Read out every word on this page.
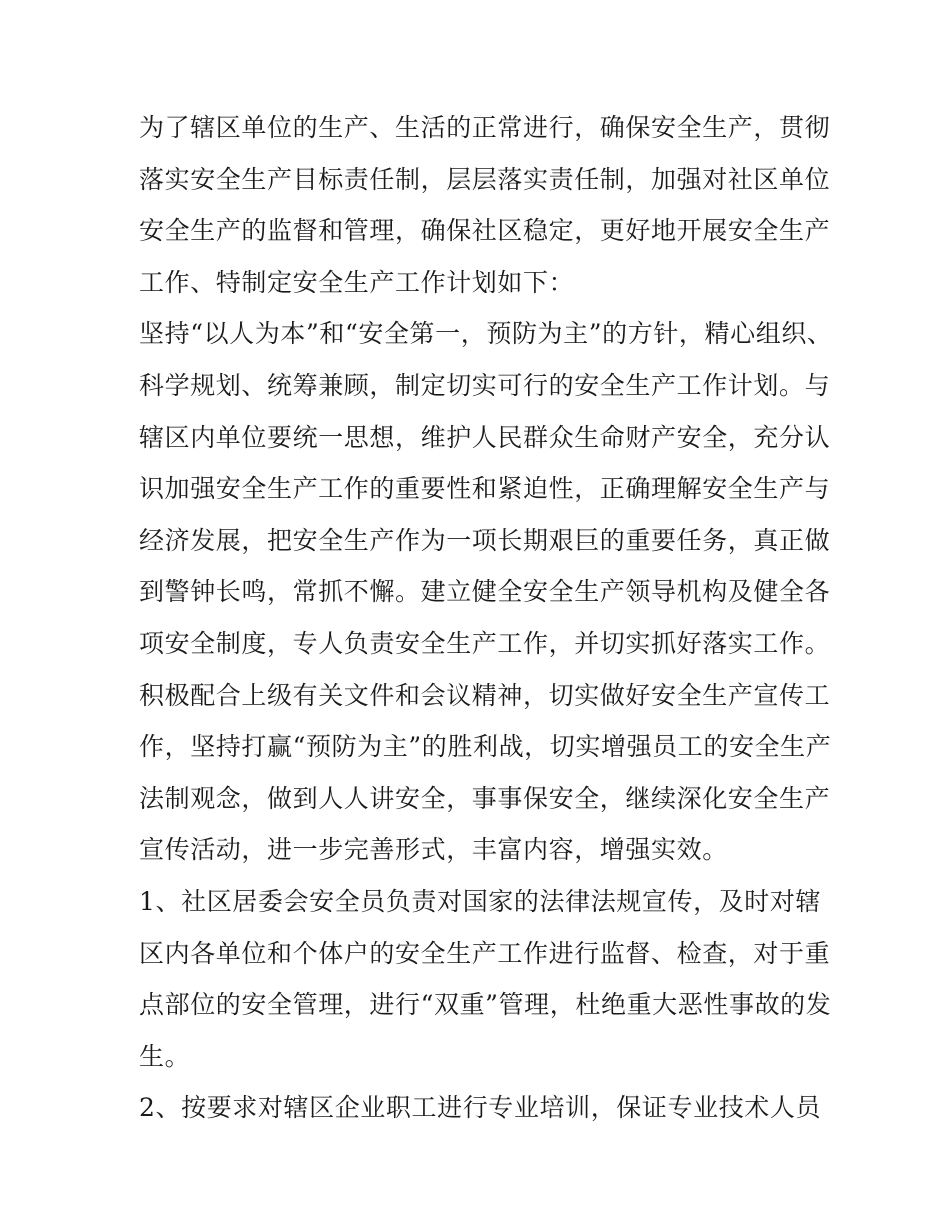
为了辖区单位的生产、生活的正常进行，确保安全生产，贯彻
落实安全生产目标责任制，层层落实责任制，加强对社区单位
安全生产的监督和管理，确保社区稳定，更好地开展安全生产
工作、特制定安全生产工作计划如下：
坚持“以人为本”和“安全第一，预防为主”的方针，精心组织、
科学规划、统筹兼顾，制定切实可行的安全生产工作计划。与
辖区内单位要统一思想，维护人民群众生命财产安全，充分认
识加强安全生产工作的重要性和紧迫性，正确理解安全生产与
经济发展，把安全生产作为一项长期艰巨的重要任务，真正做
到警钟长鸣，常抓不懈。建立健全安全生产领导机构及健全各
项安全制度，专人负责安全生产工作，并切实抓好落实工作。
积极配合上级有关文件和会议精神，切实做好安全生产宣传工
作，坚持打赢“预防为主”的胜利战，切实增强员工的安全生产
法制观念，做到人人讲安全，事事保安全，继续深化安全生产
宣传活动，进一步完善形式，丰富内容，增强实效。
1、社区居委会安全员负责对国家的法律法规宣传，及时对辖
区内各单位和个体户的安全生产工作进行监督、检查，对于重
点部位的安全管理，进行“双重”管理，杜绝重大恶性事故的发
生。
2、按要求对辖区企业职工进行专业培训，保证专业技术人员
